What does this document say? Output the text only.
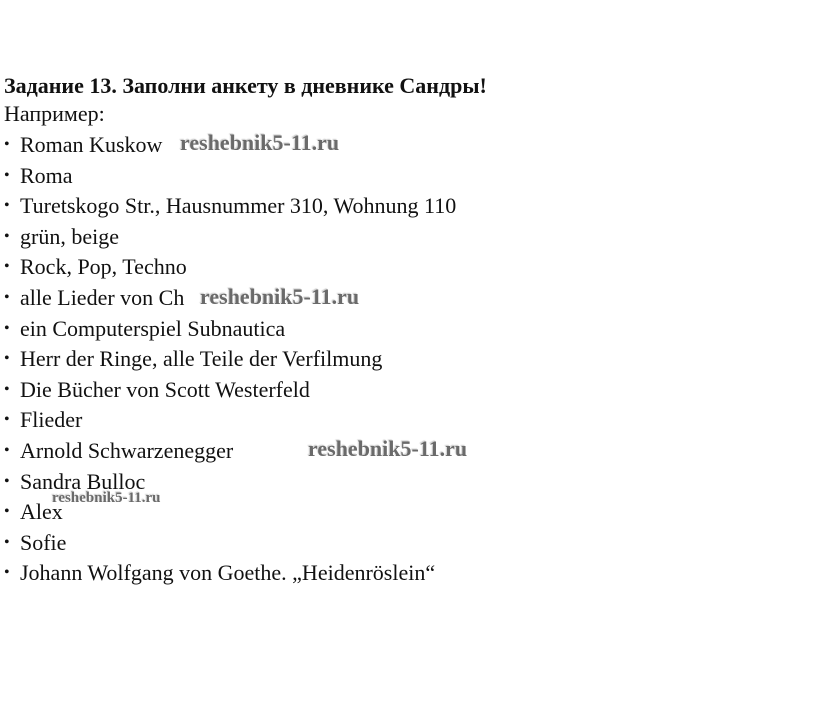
Задание 13. Заполни анкету в дневнике Сандры!
Например:
• Roman Kuskow
• Roma
• Turetskogo Str., Hausnummer 310, Wohnung 110
• grün, beige
• Rock, Pop, Techno
• alle Lieder von Ch
• ein Computerspiel Subnautica
• Herr der Ringe, alle Teile der Verfilmung
• Die Bücher von Scott Westerfeld
• Flieder
• Arnold Schwarzenegger
• Sandra Bulloc
• Alex
• Sofie
• Johann Wolfgang von Goethe. „Heidenröslein“
reshebnik5-11.ru
reshebnik5-11.ru
reshebnik5-11.ru
reshebnik5-11.ru
